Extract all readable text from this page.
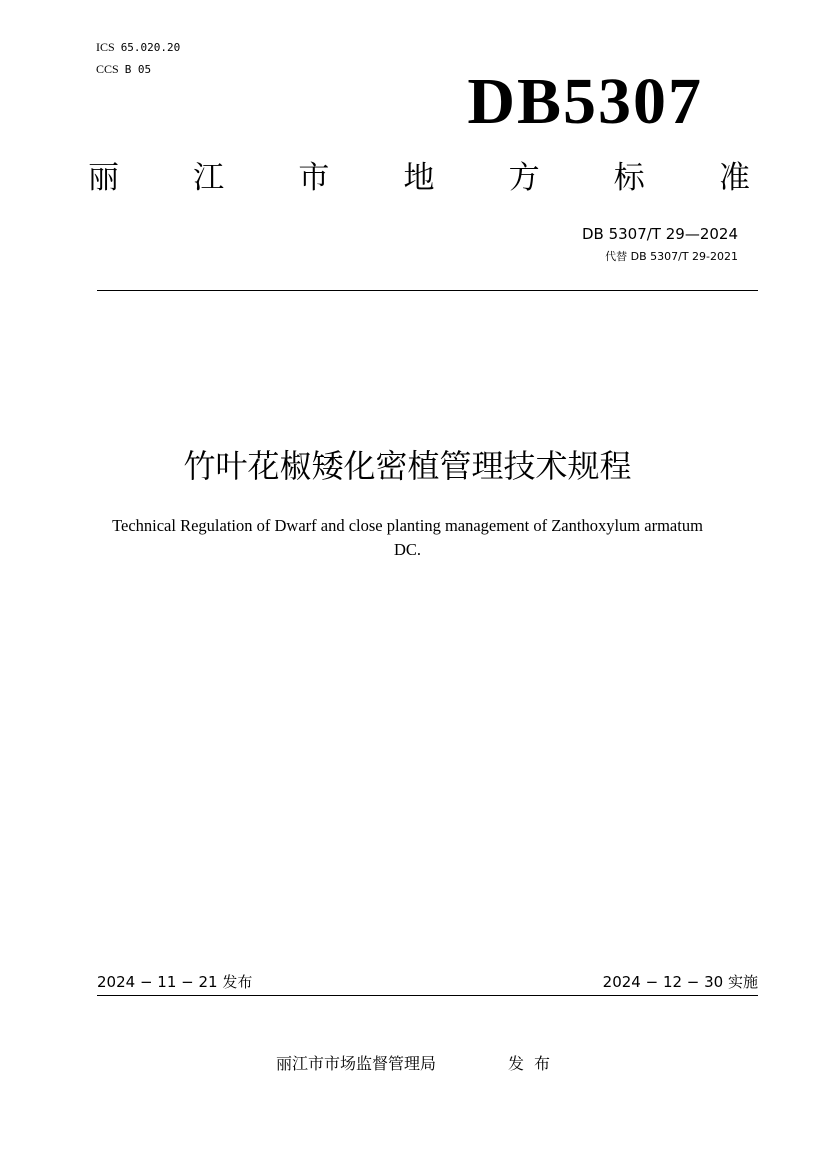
ICS 65.020.20
CCS B 05	DB5307
丽 江 市 地 方 标 准
DB 5307/T 29—2024
代替 DB 5307/T 29-2021
竹叶花椒矮化密植管理技术规程
Technical Regulation of Dwarf and close planting management of Zanthoxylum armatum DC.
2024 − 11 − 21 发布	2024 − 12 − 30 实施
丽江市市场监督管理局	发布
